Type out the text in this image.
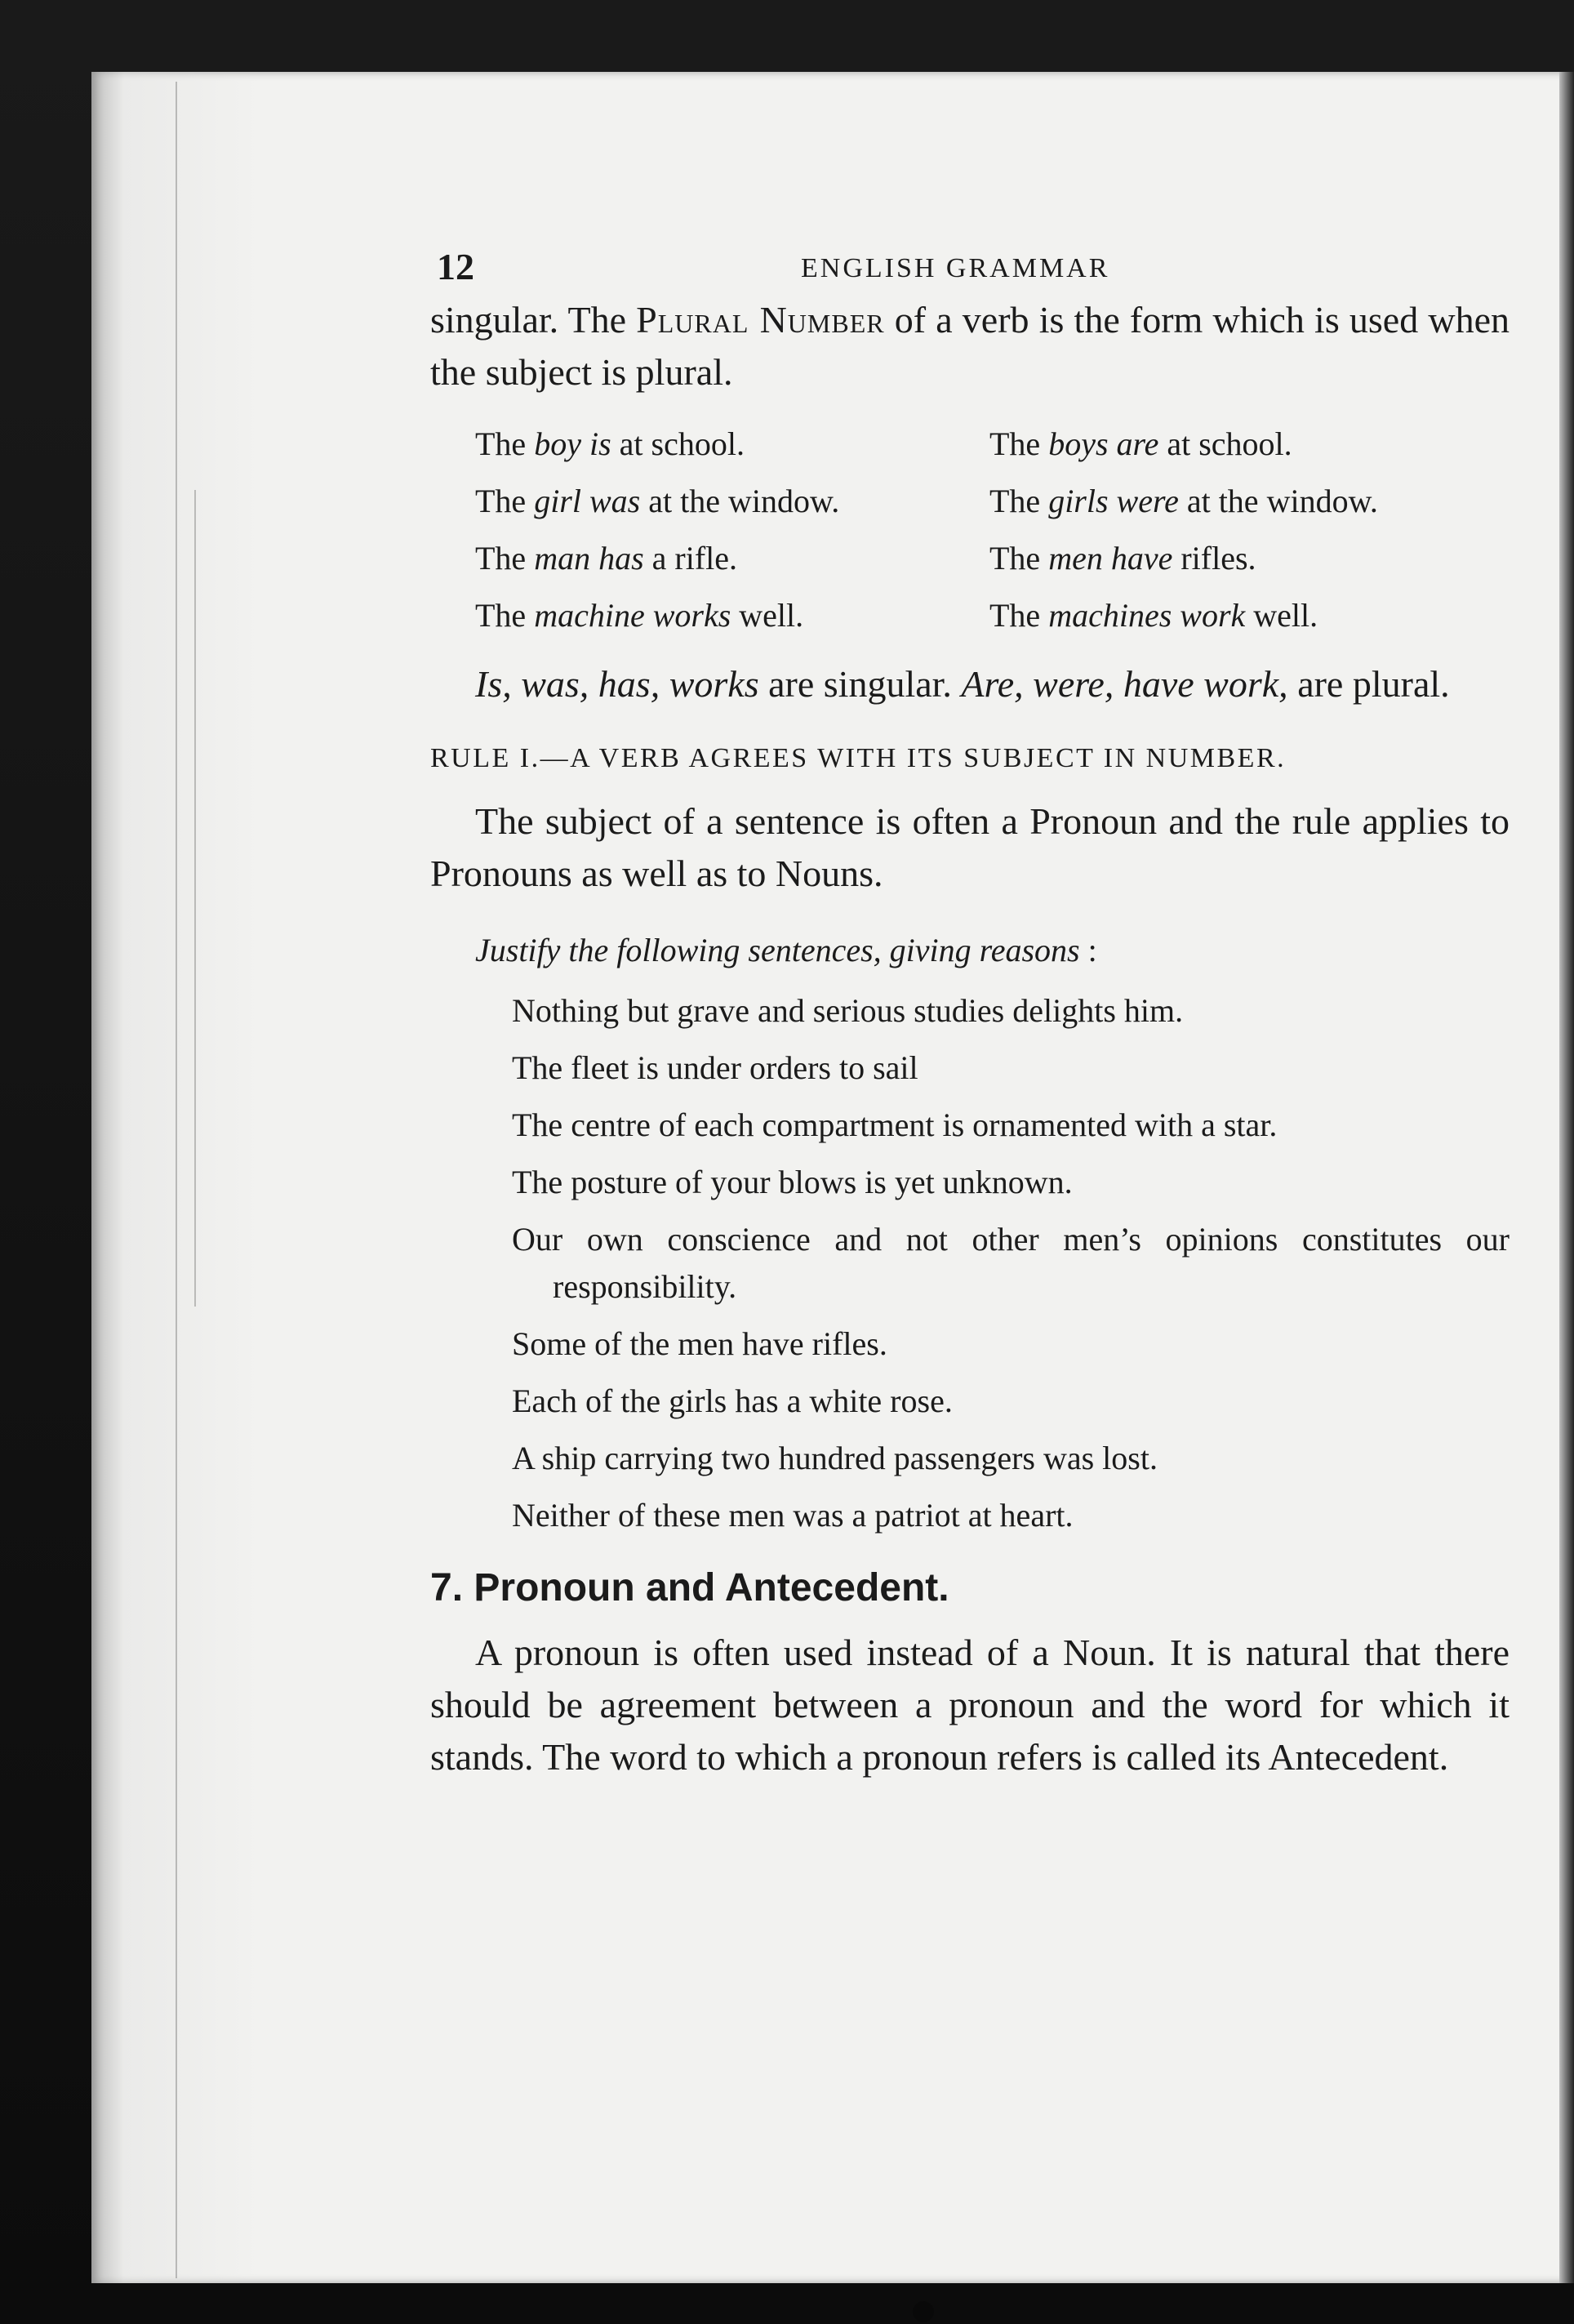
12	ENGLISH GRAMMAR

singular. The Plural Number of a verb is the form which is used when the subject is plural.

The boy is at school.	The boys are at school.
The girl was at the window.	The girls were at the window.
The man has a rifle.	The men have rifles.
The machine works well.	The machines work well.

Is, was, has, works are singular. Are, were, have work, are plural.

RULE I.—A VERB AGREES WITH ITS SUBJECT IN NUMBER.

The subject of a sentence is often a Pronoun and the rule applies to Pronouns as well as to Nouns.

Justify the following sentences, giving reasons :
Nothing but grave and serious studies delights him.
The fleet is under orders to sail
The centre of each compartment is ornamented with a star.
The posture of your blows is yet unknown.
Our own conscience and not other men’s opinions constitutes our responsibility.
Some of the men have rifles.
Each of the girls has a white rose.
A ship carrying two hundred passengers was lost.
Neither of these men was a patriot at heart.
7. Pronoun and Antecedent.

A pronoun is often used instead of a Noun. It is natural that there should be agreement between a pronoun and the word for which it stands. The word to which a pronoun refers is called its Antecedent.
